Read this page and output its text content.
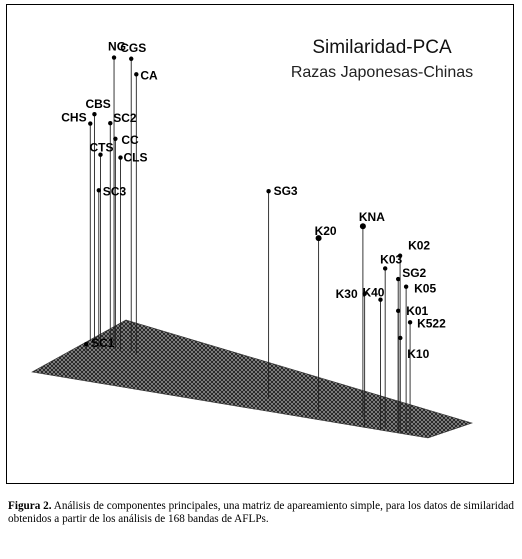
NG
CGS
CA
CBS
CHS SC2
CC
CTS
CLS
SC3
SC1
SG3
KNA
K20
K03
K02
SG2
K05
K30 K40
K01
K522
K10
Similaridad-PCA
Razas Japonesas-Chinas
Figura 2. Análisis de componentes principales, una matriz de apareamiento simple, para los datos de similaridad obtenidos a partir de los análisis de 168 bandas de AFLPs.
